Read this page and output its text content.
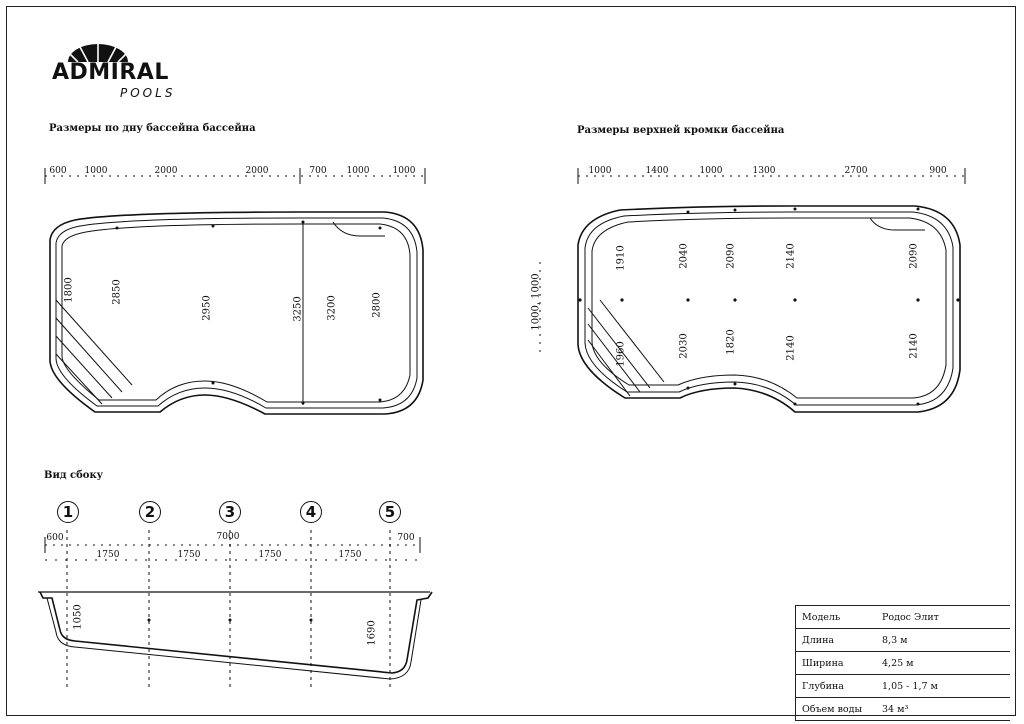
ADMIRAL
POOLS
Размеры по дну бассейна бассейна	Размеры верхней кромки бассейна
Вид сбоку
600 1000	2000	2000	700 1000	1000
1800	2850
2950	3250 3200	2800
1000	1400	1000	1300	2700	900
1000, 1000
1910	2040	2090	2140	2090
1960	2030	1820	2140	2140
1	2	3	4	5
7000
600
1750	1750	1750	1750
700
1050
1690
Модель	Родос Элит
Длина	8,3 м
Ширина	4,25 м
Глубина	1,05 - 1,7 м
Объем воды	34 м³
